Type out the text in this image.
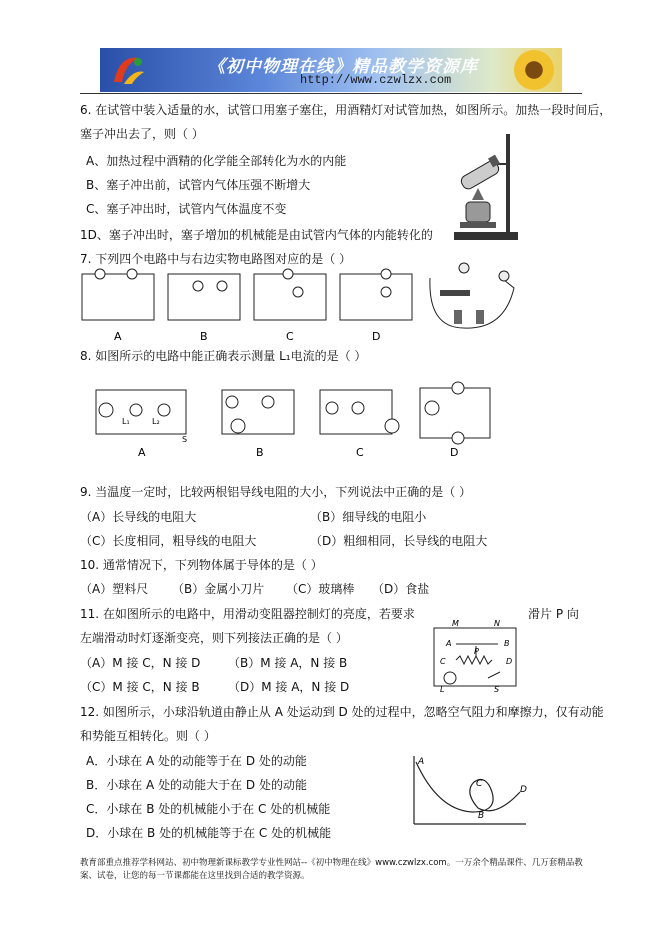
《初中物理在线》精品教学资源库
http://www.czwlzx.com
6. 在试管中装入适量的水，试管口用塞子塞住，用酒精灯对试管加热，如图所示。加热一段时间后，
塞子冲出去了，则（ ）
A、加热过程中酒精的化学能全部转化为水的内能
B、塞子冲出前，试管内气体压强不断增大
C、塞子冲出时，试管内气体温度不变
1D、塞子冲出时，塞子增加的机械能是由试管内气体的内能转化的
7. 下列四个电路中与右边实物电路图对应的是（ ）
A	B	C	D
8. 如图所示的电路中能正确表示测量 L₁电流的是（ ）
L₁	L₂
S
A	B	C	D
9. 当温度一定时，比较两根铝导线电阻的大小，下列说法中正确的是（ ）
（A）长导线的电阻大	（B）细导线的电阻小
（C）长度相同，粗导线的电阻大	（D）粗细相同，长导线的电阻大
10. 通常情况下，下列物体属于导体的是（ ）
（A）塑料尺 （B）金属小刀片 （C）玻璃棒 （D）食盐
11. 在如图所示的电路中，用滑动变阻器控制灯的亮度，若要求	滑片 P 向
左端滑动时灯逐渐变亮，则下列接法正确的是（ ）
（A）M 接 C，N 接 D （B）M 接 A，N 接 B
（C）M 接 C，N 接 B （D）M 接 A，N 接 D
M	N
A	B
C	D
P
L	S
12. 如图所示，小球沿轨道由静止从 A 处运动到 D 处的过程中，忽略空气阻力和摩擦力，仅有动能
和势能互相转化。则（ ）
A．小球在 A 处的动能等于在 D 处的动能
B．小球在 A 处的动能大于在 D 处的动能
C．小球在 B 处的机械能小于在 C 处的机械能
D．小球在 B 处的机械能等于在 C 处的机械能
A
C
B
D
教育部重点推荐学科网站、初中物理新课标教学专业性网站--《初中物理在线》www.czwlzx.com。一万余个精品课件、几万套精品教案、试卷，让您的每一节课都能在这里找到合适的教学资源。
